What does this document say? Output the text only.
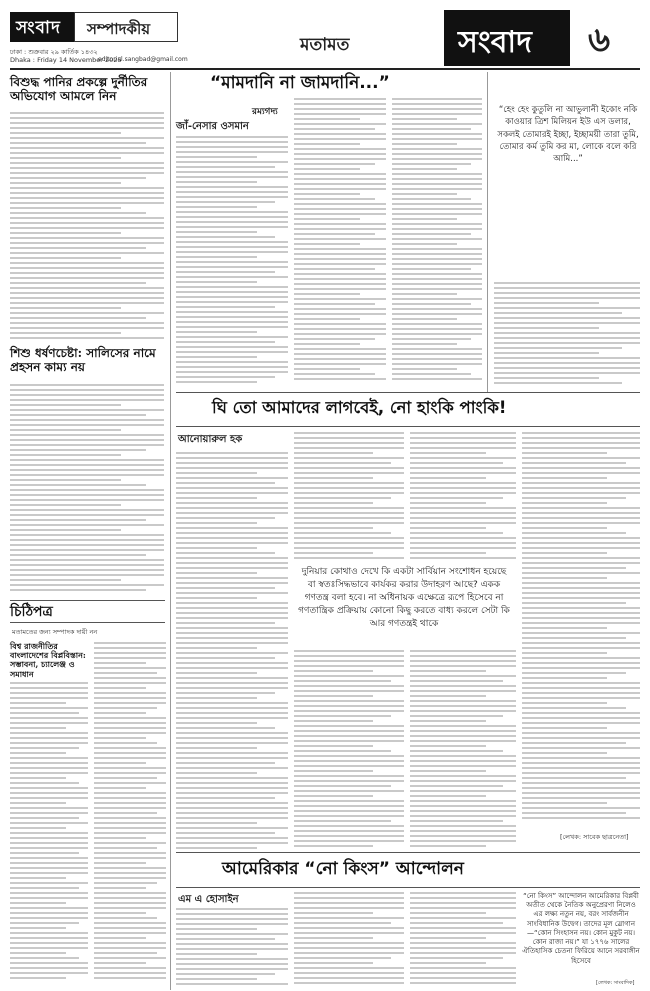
সংবাদ সম্পাদকীয়
ঢাকা : শুক্রবার ২৯ কার্তিক ১৪৩২
Dhaka : Friday 14 November 2025
editorial.sangbad@gmail.com
মতামত	সংবাদ ৬
বিশুদ্ধ পানির প্রকল্পে দুর্নীতির অভিযোগ আমলে নিন
শিশু ধর্ষণচেষ্টা: সালিসের নামে প্রহসন কাম্য নয়
চিঠিপত্র
মতামতের জন্য সম্পাদক দায়ী নন
বিশ্ব রাজনীতির বাংলাদেশের বিপ্লবিস্তান: সম্ভাবনা, চ্যালেঞ্জ ও সমাধান
“মামদানি না জামদানি...”
রম্যগদ্য
জাঁ-নেসার ওসমান
“হেং হেং কুতুলি না আভুলানী ইকোং নকি কাওয়ার ত্রিশ মিলিয়ন ইউ এস ডলার, সকলই তোমারই ইচ্ছা, ইচ্ছাময়ী তারা তুমি, তোমার কর্ম তুমি কর মা, লোকে বলে করি আমি...”
ঘি তো আমাদের লাগবেই, নো হাংকি পাংকি!
আনোয়ারুল হক
দুনিয়ার কোথাও দেখে কি একটা সার্বিয়ান সংশোধন হয়েছে বা স্বতঃসিদ্ধভাবে কার্যকর করার উদাহরণ আছে? একক গণতন্ত্র বলা হবে। না অধিনায়ক এক্ষেত্রে রূপে হিসেবে না গণতান্ত্রিক প্রক্রিয়ায় কোনো কিছু করতে বাধ্য করলে সেটা কি আর গণতন্ত্রই থাকে
[লেখক: সাবেক ছাত্রনেতা]
আমেরিকার “নো কিংস” আন্দোলন
এম এ হোসাইন	“নো কিংস” আন্দোলন আমেরিকার বিপ্লবী অতীত থেকে নৈতিক অনুপ্রেরণা নিলেও এর লক্ষ্য নতুন নয়, বরং সার্বজনীন সাংবিধানিক উদ্বেগ। তাদের মূল স্লোগান—“কোন সিংহাসন নয়। কোন মুকুট নয়। কোন রাজা নয়।” যা ১৭৭৬ সালের ঐতিহাসিক চেতনা ফিরিয়ে আনে সরবাঙ্গীন হিসেবে
[লেখক: সাংবাদিক]
